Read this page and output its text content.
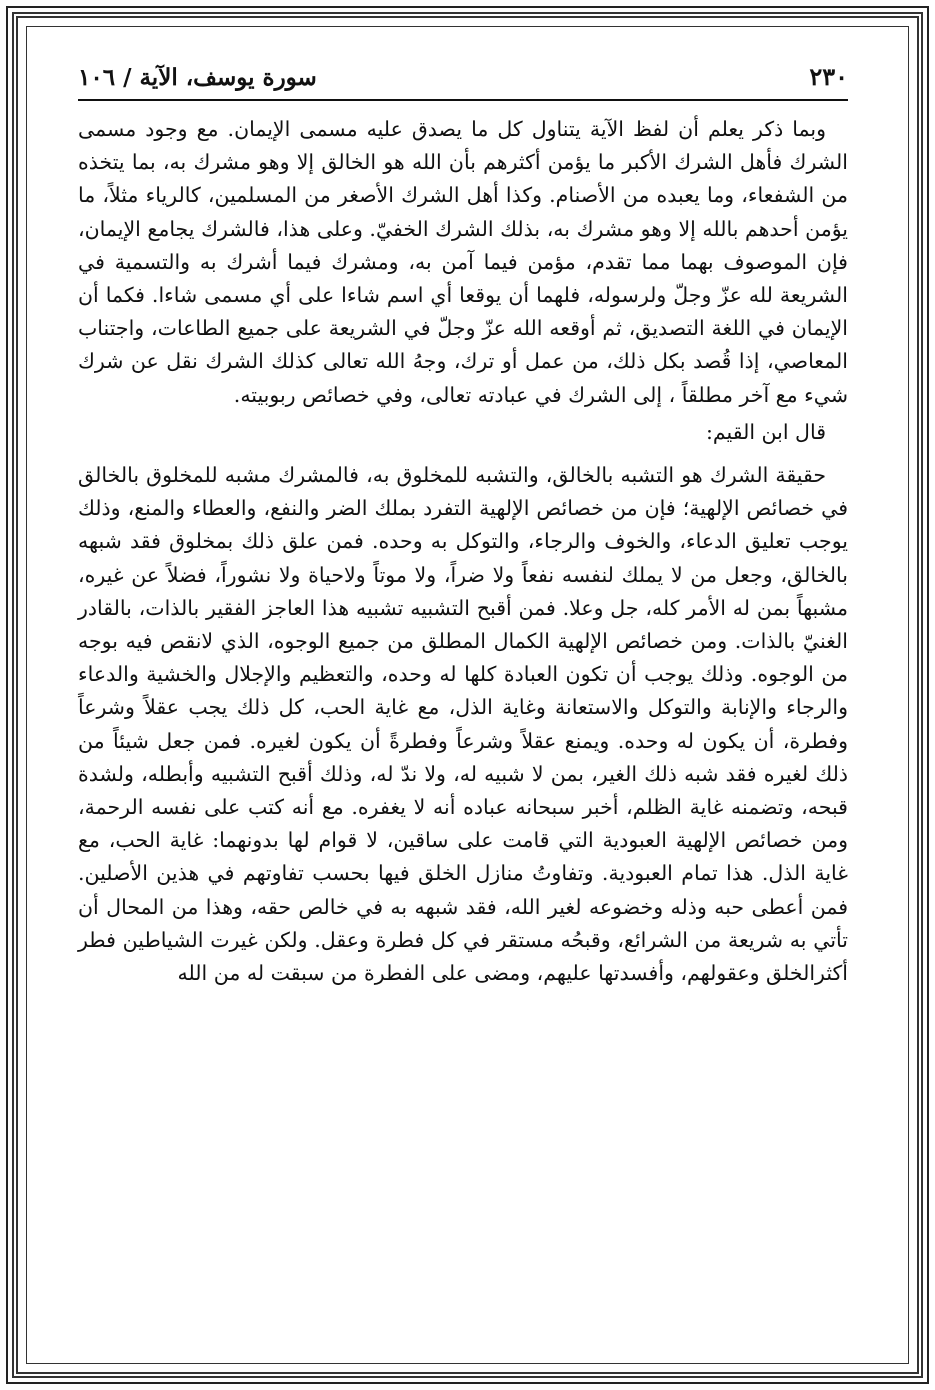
٢٣٠
سورة يوسف، الآية / ١٠٦

وبما ذكر يعلم أن لفظ الآية يتناول كل ما يصدق عليه مسمى الإيمان. مع وجود مسمى الشرك فأهل الشرك الأكبر ما يؤمن أكثرهم بأن الله هو الخالق إلا وهو مشرك به، بما يتخذه من الشفعاء، وما يعبده من الأصنام. وكذا أهل الشرك الأصغر من المسلمين، كالرياء مثلاً، ما يؤمن أحدهم بالله إلا وهو مشرك به، بذلك الشرك الخفيّ. وعلى هذا، فالشرك يجامع الإيمان، فإن الموصوف بهما مما تقدم، مؤمن فيما آمن به، ومشرك فيما أشرك به والتسمية في الشريعة لله عزّ وجلّ ولرسوله، فلهما أن يوقعا أي اسم شاءا على أي مسمى شاءا. فكما أن الإيمان في اللغة التصديق، ثم أوقعه الله عزّ وجلّ في الشريعة على جميع الطاعات، واجتناب المعاصي، إذا قُصد بكل ذلك، من عمل أو ترك، وجهُ الله تعالى كذلك الشرك نقل عن شرك شيء مع آخر مطلقاً ، إلى الشرك في عبادته تعالى، وفي خصائص ربوبيته.

قال ابن القيم:

حقيقة الشرك هو التشبه بالخالق، والتشبه للمخلوق به، فالمشرك مشبه للمخلوق بالخالق في خصائص الإلهية؛ فإن من خصائص الإلهية التفرد بملك الضر والنفع، والعطاء والمنع، وذلك يوجب تعليق الدعاء، والخوف والرجاء، والتوكل به وحده. فمن علق ذلك بمخلوق فقد شبهه بالخالق، وجعل من لا يملك لنفسه نفعاً ولا ضراً، ولا موتاً ولاحياة ولا نشوراً، فضلاً عن غيره، مشبهاً بمن له الأمر كله، جل وعلا. فمن أقبح التشبيه تشبيه هذا العاجز الفقير بالذات، بالقادر الغنيّ بالذات. ومن خصائص الإلهية الكمال المطلق من جميع الوجوه، الذي لانقص فيه بوجه من الوجوه. وذلك يوجب أن تكون العبادة كلها له وحده، والتعظيم والإجلال والخشية والدعاء والرجاء والإنابة والتوكل والاستعانة وغاية الذل، مع غاية الحب، كل ذلك يجب عقلاً وشرعاً وفطرة، أن يكون له وحده. ويمنع عقلاً وشرعاً وفطرةً أن يكون لغيره. فمن جعل شيئاً من ذلك لغيره فقد شبه ذلك الغير، بمن لا شبيه له، ولا ندّ له، وذلك أقبح التشبيه وأبطله، ولشدة قبحه، وتضمنه غاية الظلم، أخبر سبحانه عباده أنه لا يغفره. مع أنه كتب على نفسه الرحمة، ومن خصائص الإلهية العبودية التي قامت على ساقين، لا قوام لها بدونهما: غاية الحب، مع غاية الذل. هذا تمام العبودية. وتفاوتُ منازل الخلق فيها بحسب تفاوتهم في هذين الأصلين. فمن أعطى حبه وذله وخضوعه لغير الله، فقد شبهه به في خالص حقه، وهذا من المحال أن تأتي به شريعة من الشرائع، وقبحُه مستقر في كل فطرة وعقل. ولكن غيرت الشياطين فطر أكثرالخلق وعقولهم، وأفسدتها عليهم، ومضى على الفطرة من سبقت له من الله
